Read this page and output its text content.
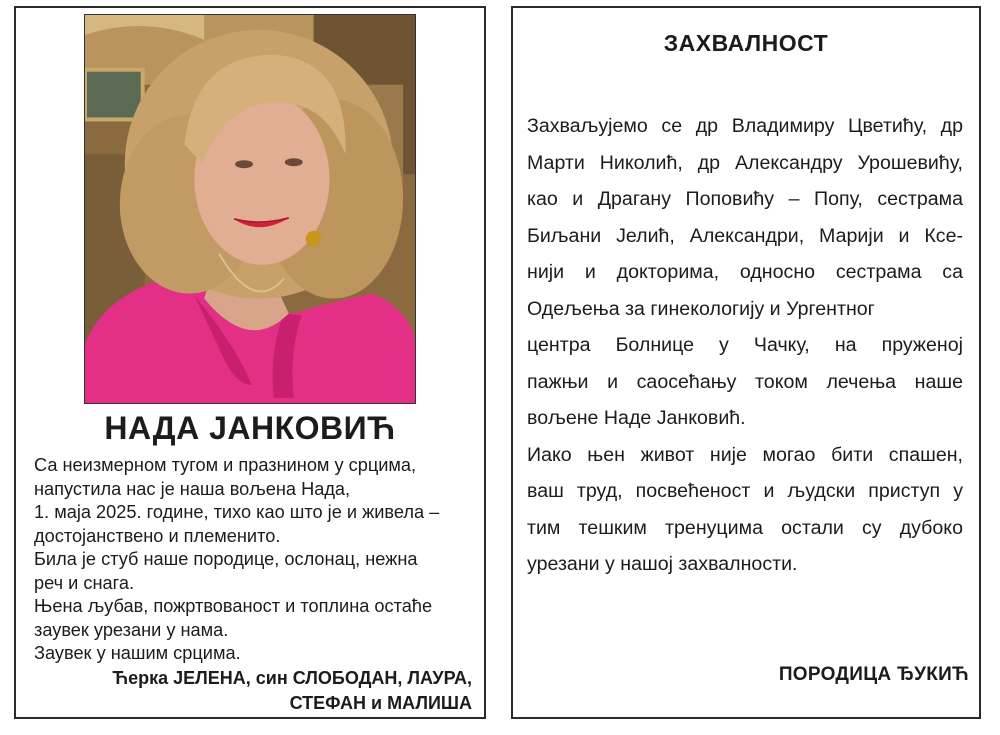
НАДА ЈАНКОВИЋ

Са неизмерном тугом и празнином у срцима,

напустила нас је наша вољена Нада,

1. маја 2025. године, тихо као што је и живела –

достојанствено и племенито.

Била је стуб наше породице, ослонац, нежна

реч и снага.

Њена љубав, пожртвованост и топлина остаће

заувек урезани у нама.

Заувек у нашим срцима.

Ћерка ЈЕЛЕНА, син СЛОБОДАН, ЛАУРА,
СТЕФАН и МАЛИША
ЗАХВАЛНОСТ
Захваљујемо се др Владимиру Цветићу, др
Марти Николић, др Александру Урошевићу,
као и Драгану Поповићу – Попу, сестрама
Биљани Јелић, Александри, Марији и Ксе-
нији и докторима, односно сестрама са
Одељења за гинекологију и Ургентног
центра Болнице у Чачку, на пруженој
пажњи и саосећању током лечења наше
вољене Наде Јанковић.
Иако њен живот није могао бити спашен,
ваш труд, посвећеност и људски приступ у
тим тешким тренуцима остали су дубоко
урезани у нашој захвалности.
ПОРОДИЦА ЂУКИЋ
